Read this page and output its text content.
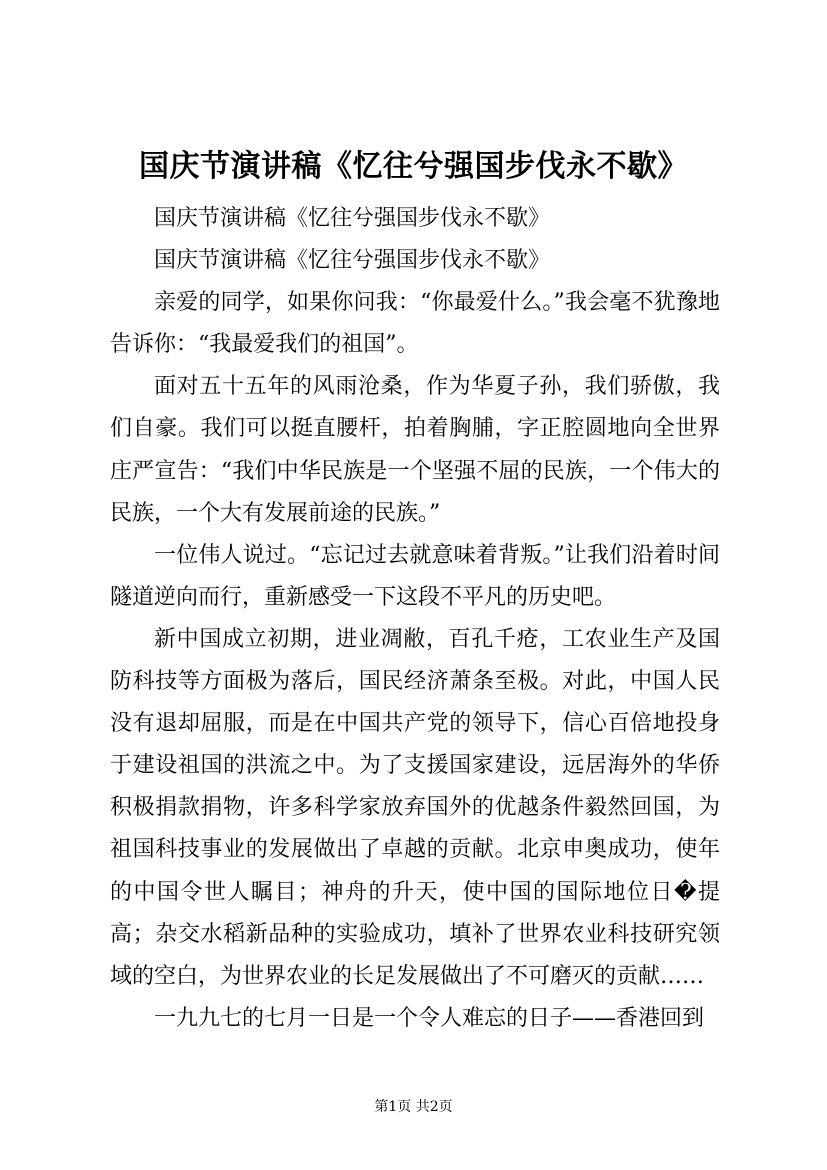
国庆节演讲稿《忆往兮强国步伐永不歇》

国庆节演讲稿《忆往兮强国步伐永不歇》

国庆节演讲稿《忆往兮强国步伐永不歇》

亲爱的同学，如果你问我：“你最爱什么。”我会毫不犹豫地告诉你：“我最爱我们的祖国”。

面对五十五年的风雨沧桑，作为华夏子孙，我们骄傲，我们自豪。我们可以挺直腰杆，拍着胸脯，字正腔圆地向全世界庄严宣告：“我们中华民族是一个坚强不屈的民族，一个伟大的民族，一个大有发展前途的民族。”

一位伟人说过。“忘记过去就意味着背叛。”让我们沿着时间隧道逆向而行，重新感受一下这段不平凡的历史吧。

新中国成立初期，进业凋敝，百孔千疮，工农业生产及国防科技等方面极为落后，国民经济萧条至极。对此，中国人民没有退却屈服，而是在中国共产党的领导下，信心百倍地投身于建设祖国的洪流之中。为了支援国家建设，远居海外的华侨积极捐款捐物，许多科学家放弃国外的优越条件毅然回国，为祖国科技事业的发展做出了卓越的贡献。北京申奥成功，使年的中国令世人瞩目；神舟的升天，使中国的国际地位日�提高；杂交水稻新品种的实验成功，填补了世界农业科技研究领域的空白，为世界农业的长足发展做出了不可磨灭的贡献……

一九九七的七月一日是一个令人难忘的日子——香港回到

第1页 共2页
